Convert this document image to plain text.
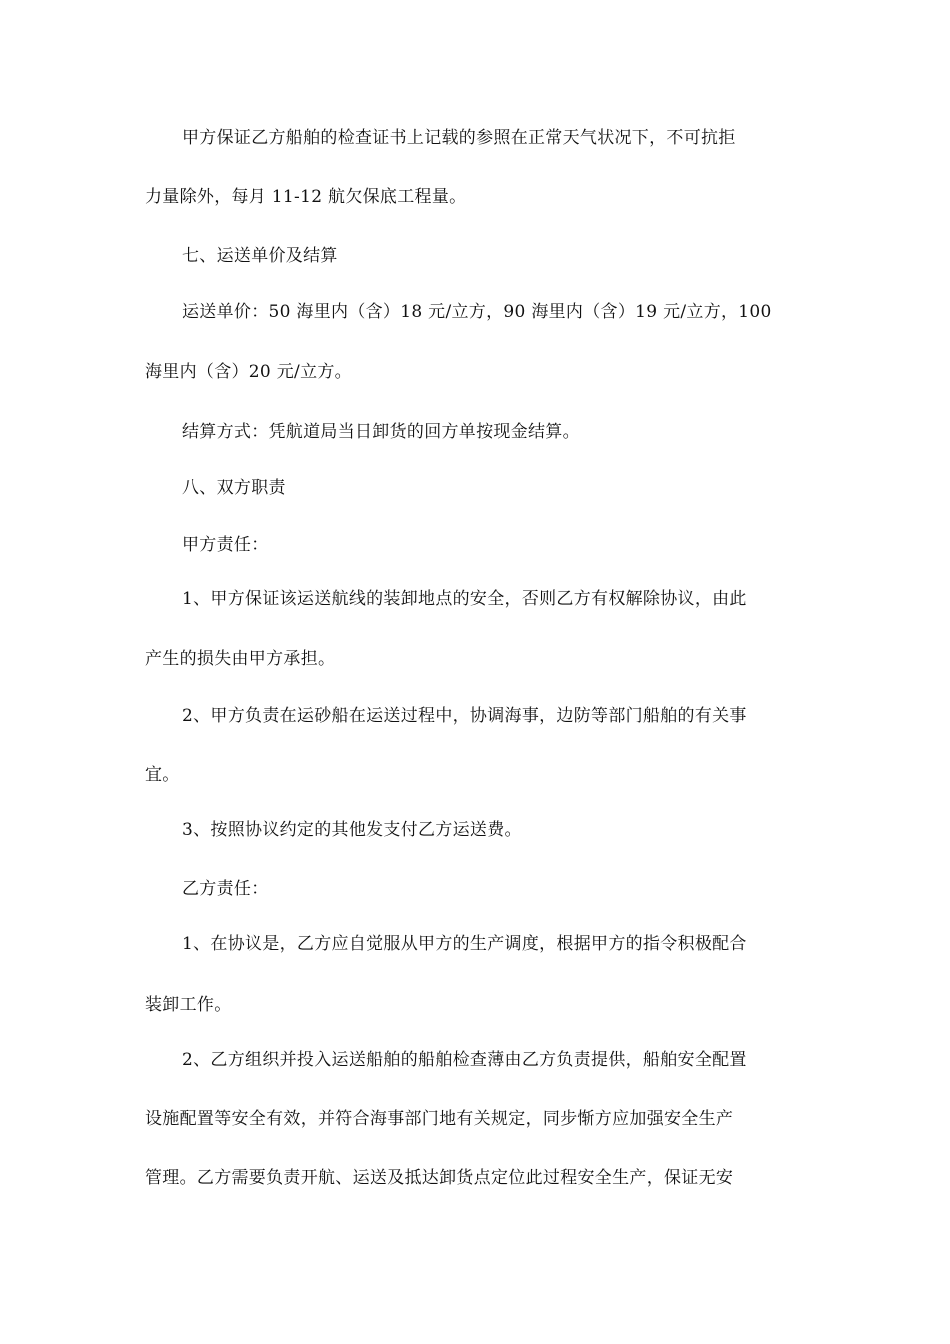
甲方保证乙方船舶的检查证书上记载的参照在正常天气状况下，不可抗拒
力量除外，每月 11-12 航欠保底工程量。
七、运送单价及结算
运送单价：50 海里内（含）18 元/立方，90 海里内（含）19 元/立方，100
海里内（含）20 元/立方。
结算方式：凭航道局当日卸货的回方单按现金结算。
八、双方职责
甲方责任：
1、甲方保证该运送航线的装卸地点的安全，否则乙方有权解除协议，由此
产生的损失由甲方承担。
2、甲方负责在运砂船在运送过程中，协调海事，边防等部门船舶的有关事
宜。
3、按照协议约定的其他发支付乙方运送费。
乙方责任：
1、在协议是，乙方应自觉服从甲方的生产调度，根据甲方的指令积极配合
装卸工作。
2、乙方组织并投入运送船舶的船舶检查薄由乙方负责提供，船舶安全配置
设施配置等安全有效，并符合海事部门地有关规定，同步惭方应加强安全生产
管理。乙方需要负责开航、运送及抵达卸货点定位此过程安全生产，保证无安
